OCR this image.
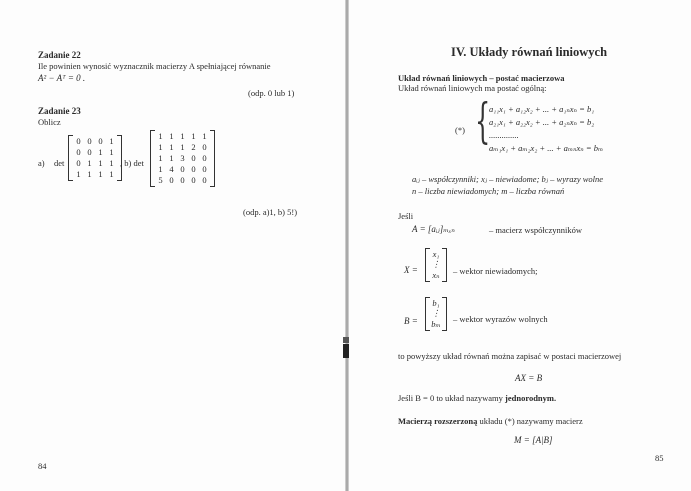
Zadanie 22
Ile powinien wynosić wyznacznik macierzy A spełniającej równanie
A² − Aᵀ = 0 .
(odp. 0 lub 1)
Zadanie 23
Oblicz
a) det
0 0 0 1
0 0 1 1
0 1 1 1
1 1 1 1
, b) det
1 1 1 1 1
1 1 1 2 0
1 1 3 0 0
1 4 0 0 0
5 0 0 0 0
(odp. a)1, b) 5!)
84
IV. Układy równań liniowych
Układ równań liniowych – postać macierzowa
Układ równań liniowych ma postać ogólną:
(*) {
a₁₁x₁ + a₁₂x₂ + ... + a₁ₙxₙ = b₁
a₂₁x₁ + a₂₂x₂ + ... + a₂ₙxₙ = b₂
..............
aₘ₁x₁ + aₘ₂x₂ + ... + aₘₙxₙ = bₘ
aᵢⱼ – współczynniki; xⱼ – niewiadome; bⱼ – wyrazy wolne
n – liczba niewiadomych; m – liczba równań
Jeśli
A = [aᵢⱼ]ₘₓₙ	– macierz współczynników
X =
x₁
⋮
xₙ – wektor niewiadomych;
B =
b₁
⋮
bₘ – wektor wyrazów wolnych
to powyższy układ równań można zapisać w postaci macierzowej
AX = B
Jeśli B = 0 to układ nazywamy jednorodnym.
Macierzą rozszerzoną układu (*) nazywamy macierz
M = [A|B]
85
